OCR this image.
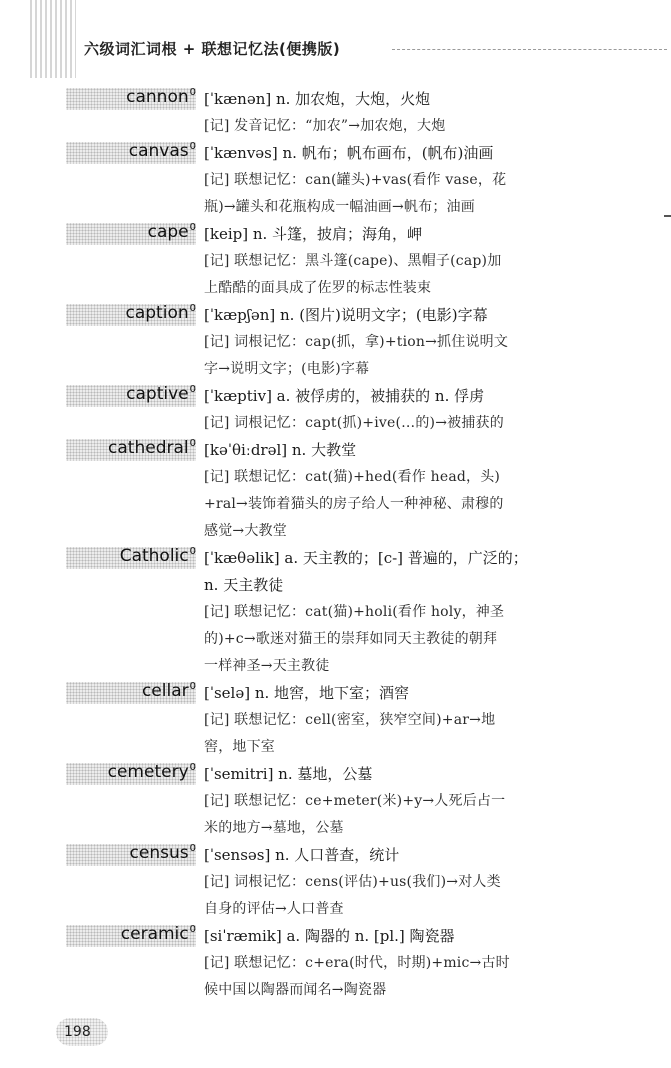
六级词汇词根 + 联想记忆法(便携版)
cannon$^0$ [ˈkænən] n. 加农炮，大炮，火炮
[记] 发音记忆：“加农”→加农炮，大炮
canvas$^0$ [ˈkænvəs] n. 帆布；帆布画布，(帆布)油画
[记] 联想记忆：can(罐头)+vas(看作 vase，花
瓶)→罐头和花瓶构成一幅油画→帆布；油画
cape$^0$ [keip] n. 斗篷，披肩；海角，岬
[记] 联想记忆：黑斗篷(cape)、黑帽子(cap)加
上酷酷的面具成了佐罗的标志性装束
caption$^0$ [ˈkæpʃən] n. (图片)说明文字；(电影)字幕
[记] 词根记忆：cap(抓，拿)+tion→抓住说明文
字→说明文字；(电影)字幕
captive$^0$ [ˈkæptiv] a. 被俘虏的，被捕获的 n. 俘虏
[记] 词根记忆：capt(抓)+ive(…的)→被捕获的
cathedral$^0$ [kəˈθiːdrəl] n. 大教堂
[记] 联想记忆：cat(猫)+hed(看作 head，头)
+ral→装饰着猫头的房子给人一种神秘、肃穆的
感觉→大教堂
Catholic$^0$ [ˈkæθəlik] a. 天主教的；[c-] 普遍的，广泛的；
n. 天主教徒
[记] 联想记忆：cat(猫)+holi(看作 holy，神圣
的)+c→歌迷对猫王的崇拜如同天主教徒的朝拜
一样神圣→天主教徒
cellar$^0$ [ˈselə] n. 地窖，地下室；酒窖
[记] 联想记忆：cell(密室，狭窄空间)+ar→地
窖，地下室
cemetery$^0$ [ˈsemitri] n. 墓地，公墓
[记] 联想记忆：ce+meter(米)+y→人死后占一
米的地方→墓地，公墓
census$^0$ [ˈsensəs] n. 人口普查，统计
[记] 词根记忆：cens(评估)+us(我们)→对人类
自身的评估→人口普查
ceramic$^0$ [siˈræmik] a. 陶器的 n. [pl.] 陶瓷器
[记] 联想记忆：c+era(时代，时期)+mic→古时
候中国以陶器而闻名→陶瓷器
198
